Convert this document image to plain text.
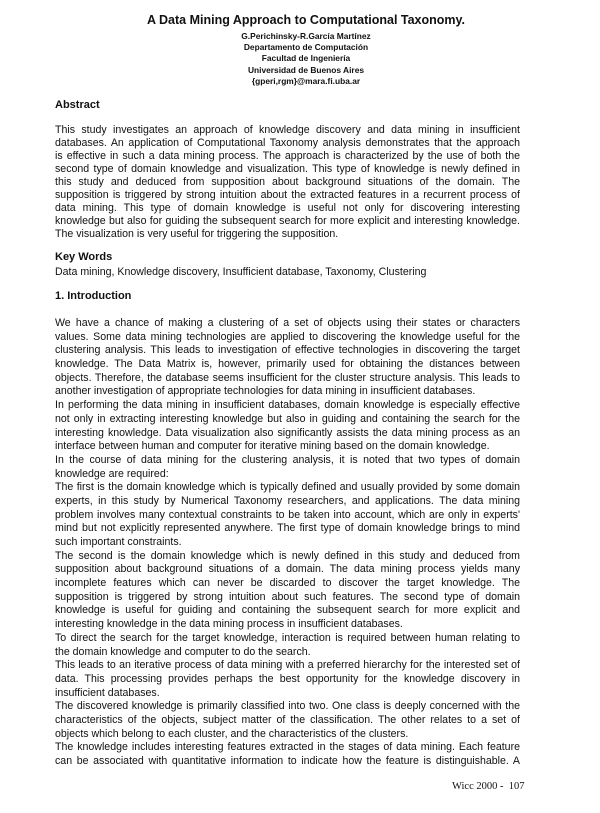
A Data Mining Approach to Computational Taxonomy.
G.Perichinsky-R.García Martínez
Departamento de Computación
Facultad de Ingeniería
Universidad de Buenos Aires
{gperi,rgm}@mara.fi.uba.ar
Abstract
This study investigates an approach of knowledge discovery and data mining in insufficient
databases. An application of Computational Taxonomy analysis demonstrates that the approach
is effective in such a data mining process. The approach is characterized by the use of both the
second type of domain knowledge and visualization. This type of knowledge is newly defined in
this study and deduced from supposition about background situations of the domain. The
supposition is triggered by strong intuition about the extracted features in a recurrent process of
data mining. This type of domain knowledge is useful not only for discovering interesting
knowledge but also for guiding the subsequent search for more explicit and interesting knowledge.
The visualization is very useful for triggering the supposition.
Key Words
Data mining, Knowledge discovery, Insufficient database, Taxonomy, Clustering
1. Introduction
We have a chance of making a clustering of a set of objects using their states or characters
values. Some data mining technologies are applied to discovering the knowledge useful for the
clustering analysis. This leads to investigation of effective technologies in discovering the target
knowledge. The Data Matrix is, however, primarily used for obtaining the distances between
objects. Therefore, the database seems insufficient for the cluster structure analysis. This leads to
another investigation of appropriate technologies for data mining in insufficient databases.
In performing the data mining in insufficient databases, domain knowledge is especially effective
not only in extracting interesting knowledge but also in guiding and containing the search for the
interesting knowledge. Data visualization also significantly assists the data mining process as an
interface between human and computer for iterative mining based on the domain knowledge.
In the course of data mining for the clustering analysis, it is noted that two types of domain
knowledge are required:
The first is the domain knowledge which is typically defined and usually provided by some domain
experts, in this study by Numerical Taxonomy researchers, and applications. The data mining
problem involves many contextual constraints to be taken into account, which are only in experts'
mind but not explicitly represented anywhere. The first type of domain knowledge brings to mind
such important constraints.
The second is the domain knowledge which is newly defined in this study and deduced from
supposition about background situations of a domain. The data mining process yields many
incomplete features which can never be discarded to discover the target knowledge. The
supposition is triggered by strong intuition about such features. The second type of domain
knowledge is useful for guiding and containing the subsequent search for more explicit and
interesting knowledge in the data mining process in insufficient databases.
To direct the search for the target knowledge, interaction is required between human relating to
the domain knowledge and computer to do the search.
This leads to an iterative process of data mining with a preferred hierarchy for the interested set of
data. This processing provides perhaps the best opportunity for the knowledge discovery in
insufficient databases.
The discovered knowledge is primarily classified into two. One class is deeply concerned with the
characteristics of the objects, subject matter of the classification. The other relates to a set of
objects which belong to each cluster, and the characteristics of the clusters.
The knowledge includes interesting features extracted in the stages of data mining. Each feature
can be associated with quantitative information to indicate how the feature is distinguishable. A
Wicc 2000 - 107
